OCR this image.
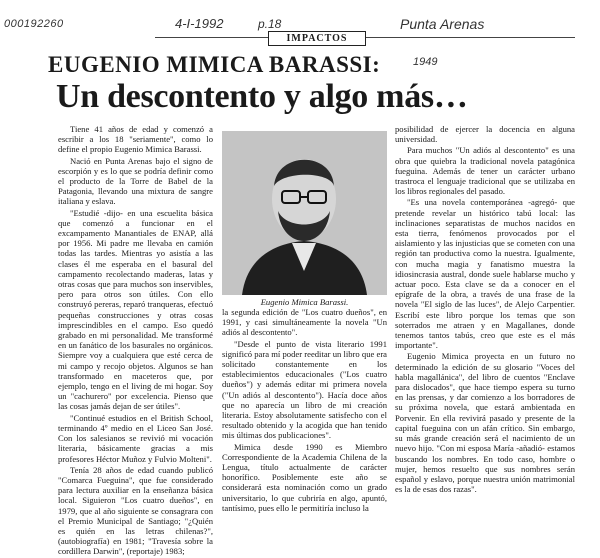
000192260	4-I-1992	p.18	Punta Arenas
1949
IMPACTOS
EUGENIO MIMICA BARASSI:
Un descontento y algo más…

Tiene 41 años de edad y comenzó a escribir a los 18 "seriamente", como lo define el propio Eugenio Mimica Barassi.

Nació en Punta Arenas bajo el signo de escorpión y es lo que se podría definir como el producto de la Torre de Babel de la Patagonia, llevando una mixtura de sangre italiana y eslava.

"Estudié -dijo- en una escuelita básica que comenzó a funcionar en el excampamento Manantiales de ENAP, allá por 1956. Mi padre me llevaba en camión todas las tardes. Mientras yo asistía a las clases él me esperaba en el basural del campamento recolectando maderas, latas y otras cosas que para muchos son inservibles, pero para otros son útiles. Con ello construyó pereras, reparó tranqueras, efectuó pequeñas construcciones y otras cosas imprescindibles en el campo. Eso quedó grabado en mi personalidad. Me transformé en un fanático de los basurales no orgánicos. Siempre voy a cualquiera que esté cerca de mi campo y recojo objetos. Algunos se han transformado en maceteros que, por ejemplo, tengo en el living de mi hogar. Soy un "cachurero" por excelencia. Pienso que las cosas jamás dejan de ser útiles".

"Continué estudios en el British School, terminando 4º medio en el Liceo San José. Con los salesianos se revivió mi vocación literaria, básicamente gracias a mis profesores Héctor Muñoz y Fulvio Molteni".

Tenía 28 años de edad cuando publicó "Comarca Fueguina", que fue considerado para lectura auxiliar en la enseñanza básica local. Siguieron "Los cuatro dueños", en 1979, que al año siguiente se consagrara con el Premio Municipal de Santiago; "¿Quién es quién en las letras chilenas?", (autobiografía) en 1981; "Travesía sobre la cordillera Darwin", (reportaje) 1983;

Eugenio Mimica Barassi.

la segunda edición de "Los cuatro dueños", en 1991, y casi simultáneamente la novela "Un adiós al descontento".

"Desde el punto de vista literario 1991 significó para mí poder reeditar un libro que era solicitado constantemente en los establecimientos educacionales ("Los cuatro dueños") y además editar mi primera novela ("Un adiós al descontento"). Hacía doce años que no aparecía un libro de mi creación literaria. Estoy absolutamente satisfecho con el resultado obtenido y la acogida que han tenido mis últimas dos publicaciones".

Mimica desde 1990 es Miembro Correspondiente de la Academia Chilena de la Lengua, título actualmente de carácter honorífico. Posiblemente este año se considerará esta nominación como un grado universitario, lo que cubriría en algo, apuntó, tantísimo, pues ello le permitiría incluso la

posibilidad de ejercer la docencia en alguna universidad.

Para muchos "Un adiós al descontento" es una obra que quiebra la tradicional novela patagónica fueguina. Además de tener un carácter urbano trastroca el lenguaje tradicional que se utilizaba en los libros regionales del pasado.

"Es una novela contemporánea -agregó- que pretende revelar un histórico tabú local: las inclinaciones separatistas de muchos nacidos en esta tierra, fenómenos provocados por el aislamiento y las injusticias que se cometen con una región tan productiva como la nuestra. Igualmente, con mucha magia y fanatismo muestra la idiosincrasia austral, donde suele hablarse mucho y actuar poco. Esta clave se da a conocer en el epígrafe de la obra, a través de una frase de la novela "El siglo de las luces", de Alejo Carpentier. Escribí este libro porque los temas que son soterrados me atraen y en Magallanes, donde tenemos tantos tabús, creo que este es el más importante".

Eugenio Mimica proyecta en un futuro no determinado la edición de su glosario "Voces del habla magallánica", del libro de cuentos "Enclave para dislocados", que hace tiempo espera su turno en las prensas, y dar comienzo a los borradores de su próxima novela, que estará ambientada en Porvenir. En ella revivirá pasado y presente de la capital fueguina con un afán crítico. Sin embargo, su más grande creación será el nacimiento de un nuevo hijo. "Con mi esposa María -añadió- estamos buscando los nombres. En todo caso, hombre o mujer, hemos resuelto que sus nombres serán español y eslavo, porque nuestra unión matrimonial es la de esas dos razas".
